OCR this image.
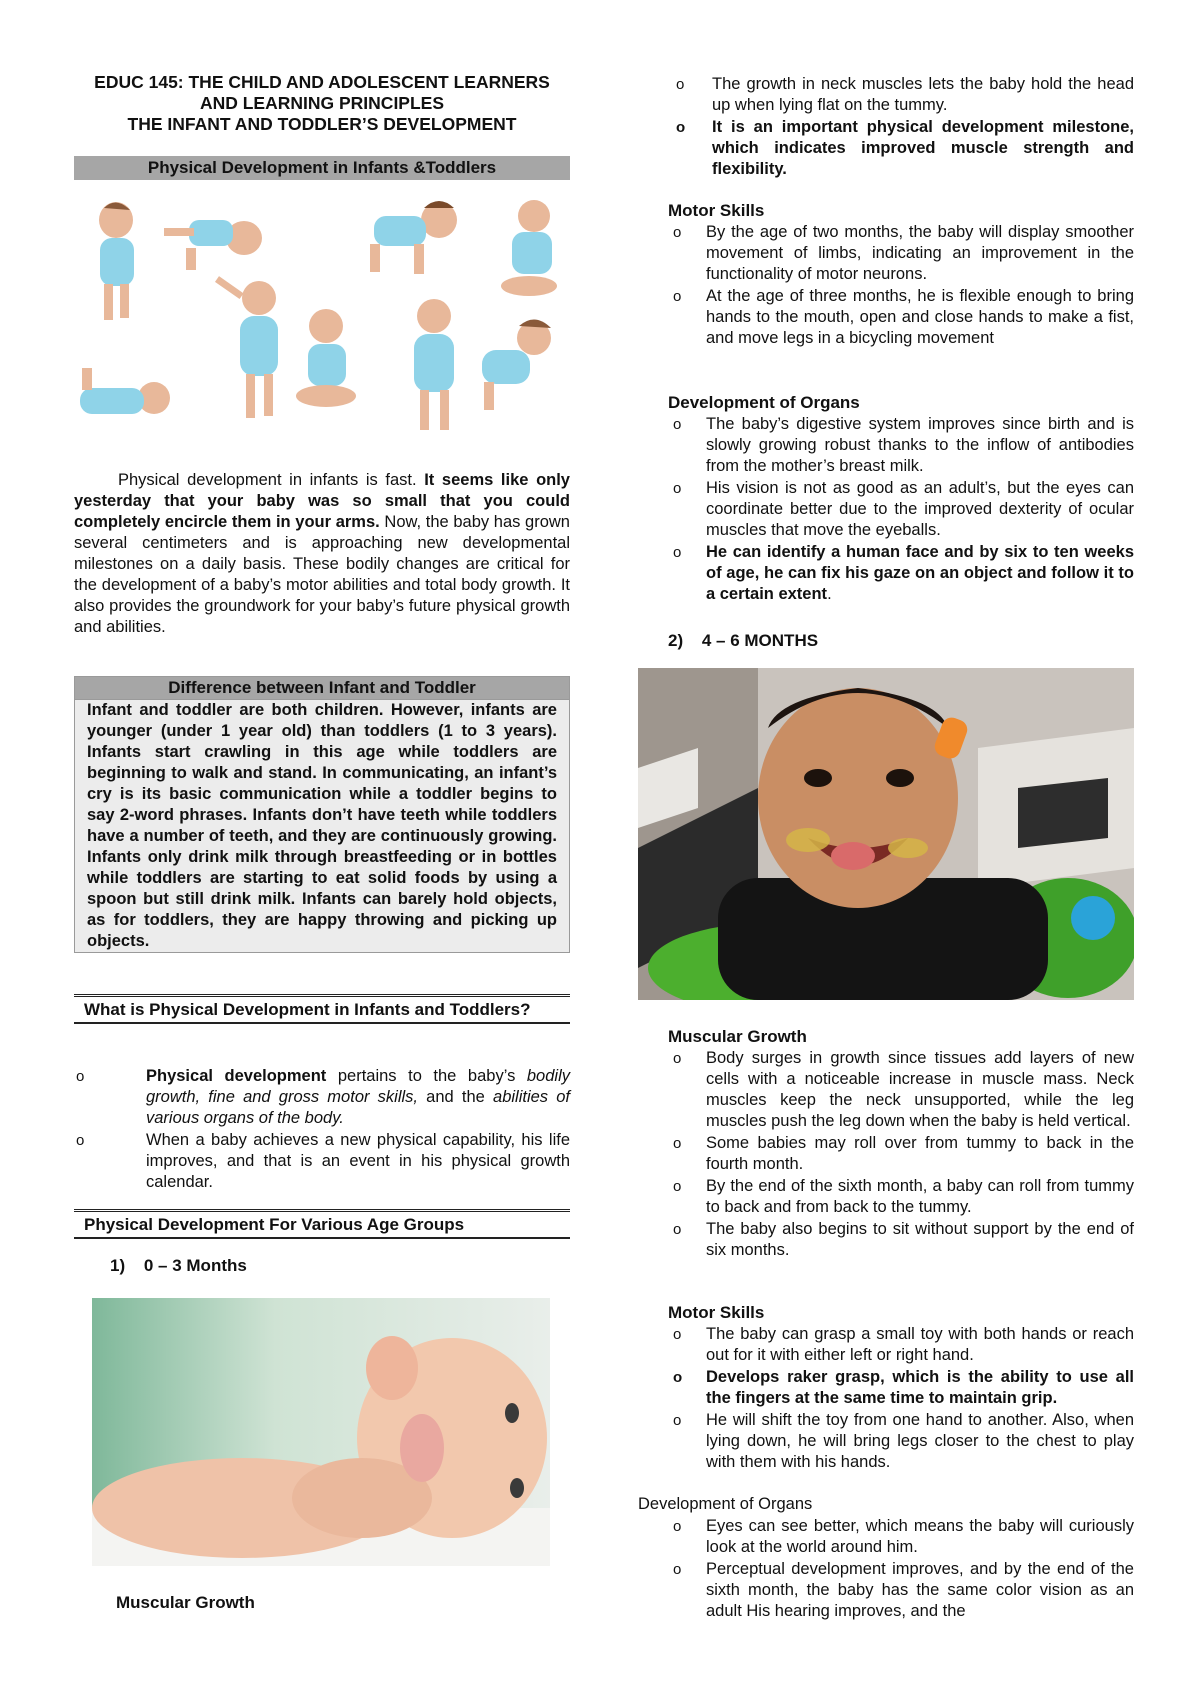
EDUC 145: THE CHILD AND ADOLESCENT LEARNERS
AND LEARNING PRINCIPLES
THE INFANT AND TODDLER’S DEVELOPMENT
Physical Development in Infants &Toddlers
Physical development in infants is fast. It seems like only yesterday that your baby was so small that you could completely encircle them in your arms. Now, the baby has grown several centimeters and is approaching new developmental milestones on a daily basis. These bodily changes are critical for the development of a baby’s motor abilities and total body growth. It also provides the groundwork for your baby’s future physical growth and abilities.
Difference between Infant and Toddler
Infant and toddler are both children. However, infants are younger (under 1 year old) than toddlers (1 to 3 years). Infants start crawling in this age while toddlers are beginning to walk and stand. In communicating, an infant’s cry is its basic communication while a toddler begins to say 2-word phrases. Infants don’t have teeth while toddlers have a number of teeth, and they are continuously growing. Infants only drink milk through breastfeeding or in bottles while toddlers are starting to eat solid foods by using a spoon but still drink milk. Infants can barely hold objects, as for toddlers, they are happy throwing and picking up objects.
What is Physical Development in Infants and Toddlers?
o	Physical development pertains to the baby’s bodily growth, fine and gross motor skills, and the abilities of various organs of the body.
o	When a baby achieves a new physical capability, his life improves, and that is an event in his physical growth calendar.
Physical Development For Various Age Groups
1) 0 – 3 Months
Muscular Growth
o The growth in neck muscles lets the baby hold the head up when lying flat on the tummy.
o It is an important physical development milestone, which indicates improved muscle strength and flexibility.
Motor Skills
o By the age of two months, the baby will display smoother movement of limbs, indicating an improvement in the functionality of motor neurons.
o At the age of three months, he is flexible enough to bring hands to the mouth, open and close hands to make a fist, and move legs in a bicycling movement
Development of Organs
o The baby’s digestive system improves since birth and is slowly growing robust thanks to the inflow of antibodies from the mother’s breast milk.
o His vision is not as good as an adult’s, but the eyes can coordinate better due to the improved dexterity of ocular muscles that move the eyeballs.
o He can identify a human face and by six to ten weeks of age, he can fix his gaze on an object and follow it to a certain extent.
2) 4 – 6 MONTHS
Muscular Growth
o Body surges in growth since tissues add layers of new cells with a noticeable increase in muscle mass. Neck muscles keep the neck unsupported, while the leg muscles push the leg down when the baby is held vertical.
o Some babies may roll over from tummy to back in the fourth month.
o By the end of the sixth month, a baby can roll from tummy to back and from back to the tummy.
o The baby also begins to sit without support by the end of six months.
Motor Skills
o The baby can grasp a small toy with both hands or reach out for it with either left or right hand.
o Develops raker grasp, which is the ability to use all the fingers at the same time to maintain grip.
o He will shift the toy from one hand to another. Also, when lying down, he will bring legs closer to the chest to play with them with his hands.
Development of Organs
o Eyes can see better, which means the baby will curiously look at the world around him.
o Perceptual development improves, and by the end of the sixth month, the baby has the same color vision as an adult His hearing improves, and the
